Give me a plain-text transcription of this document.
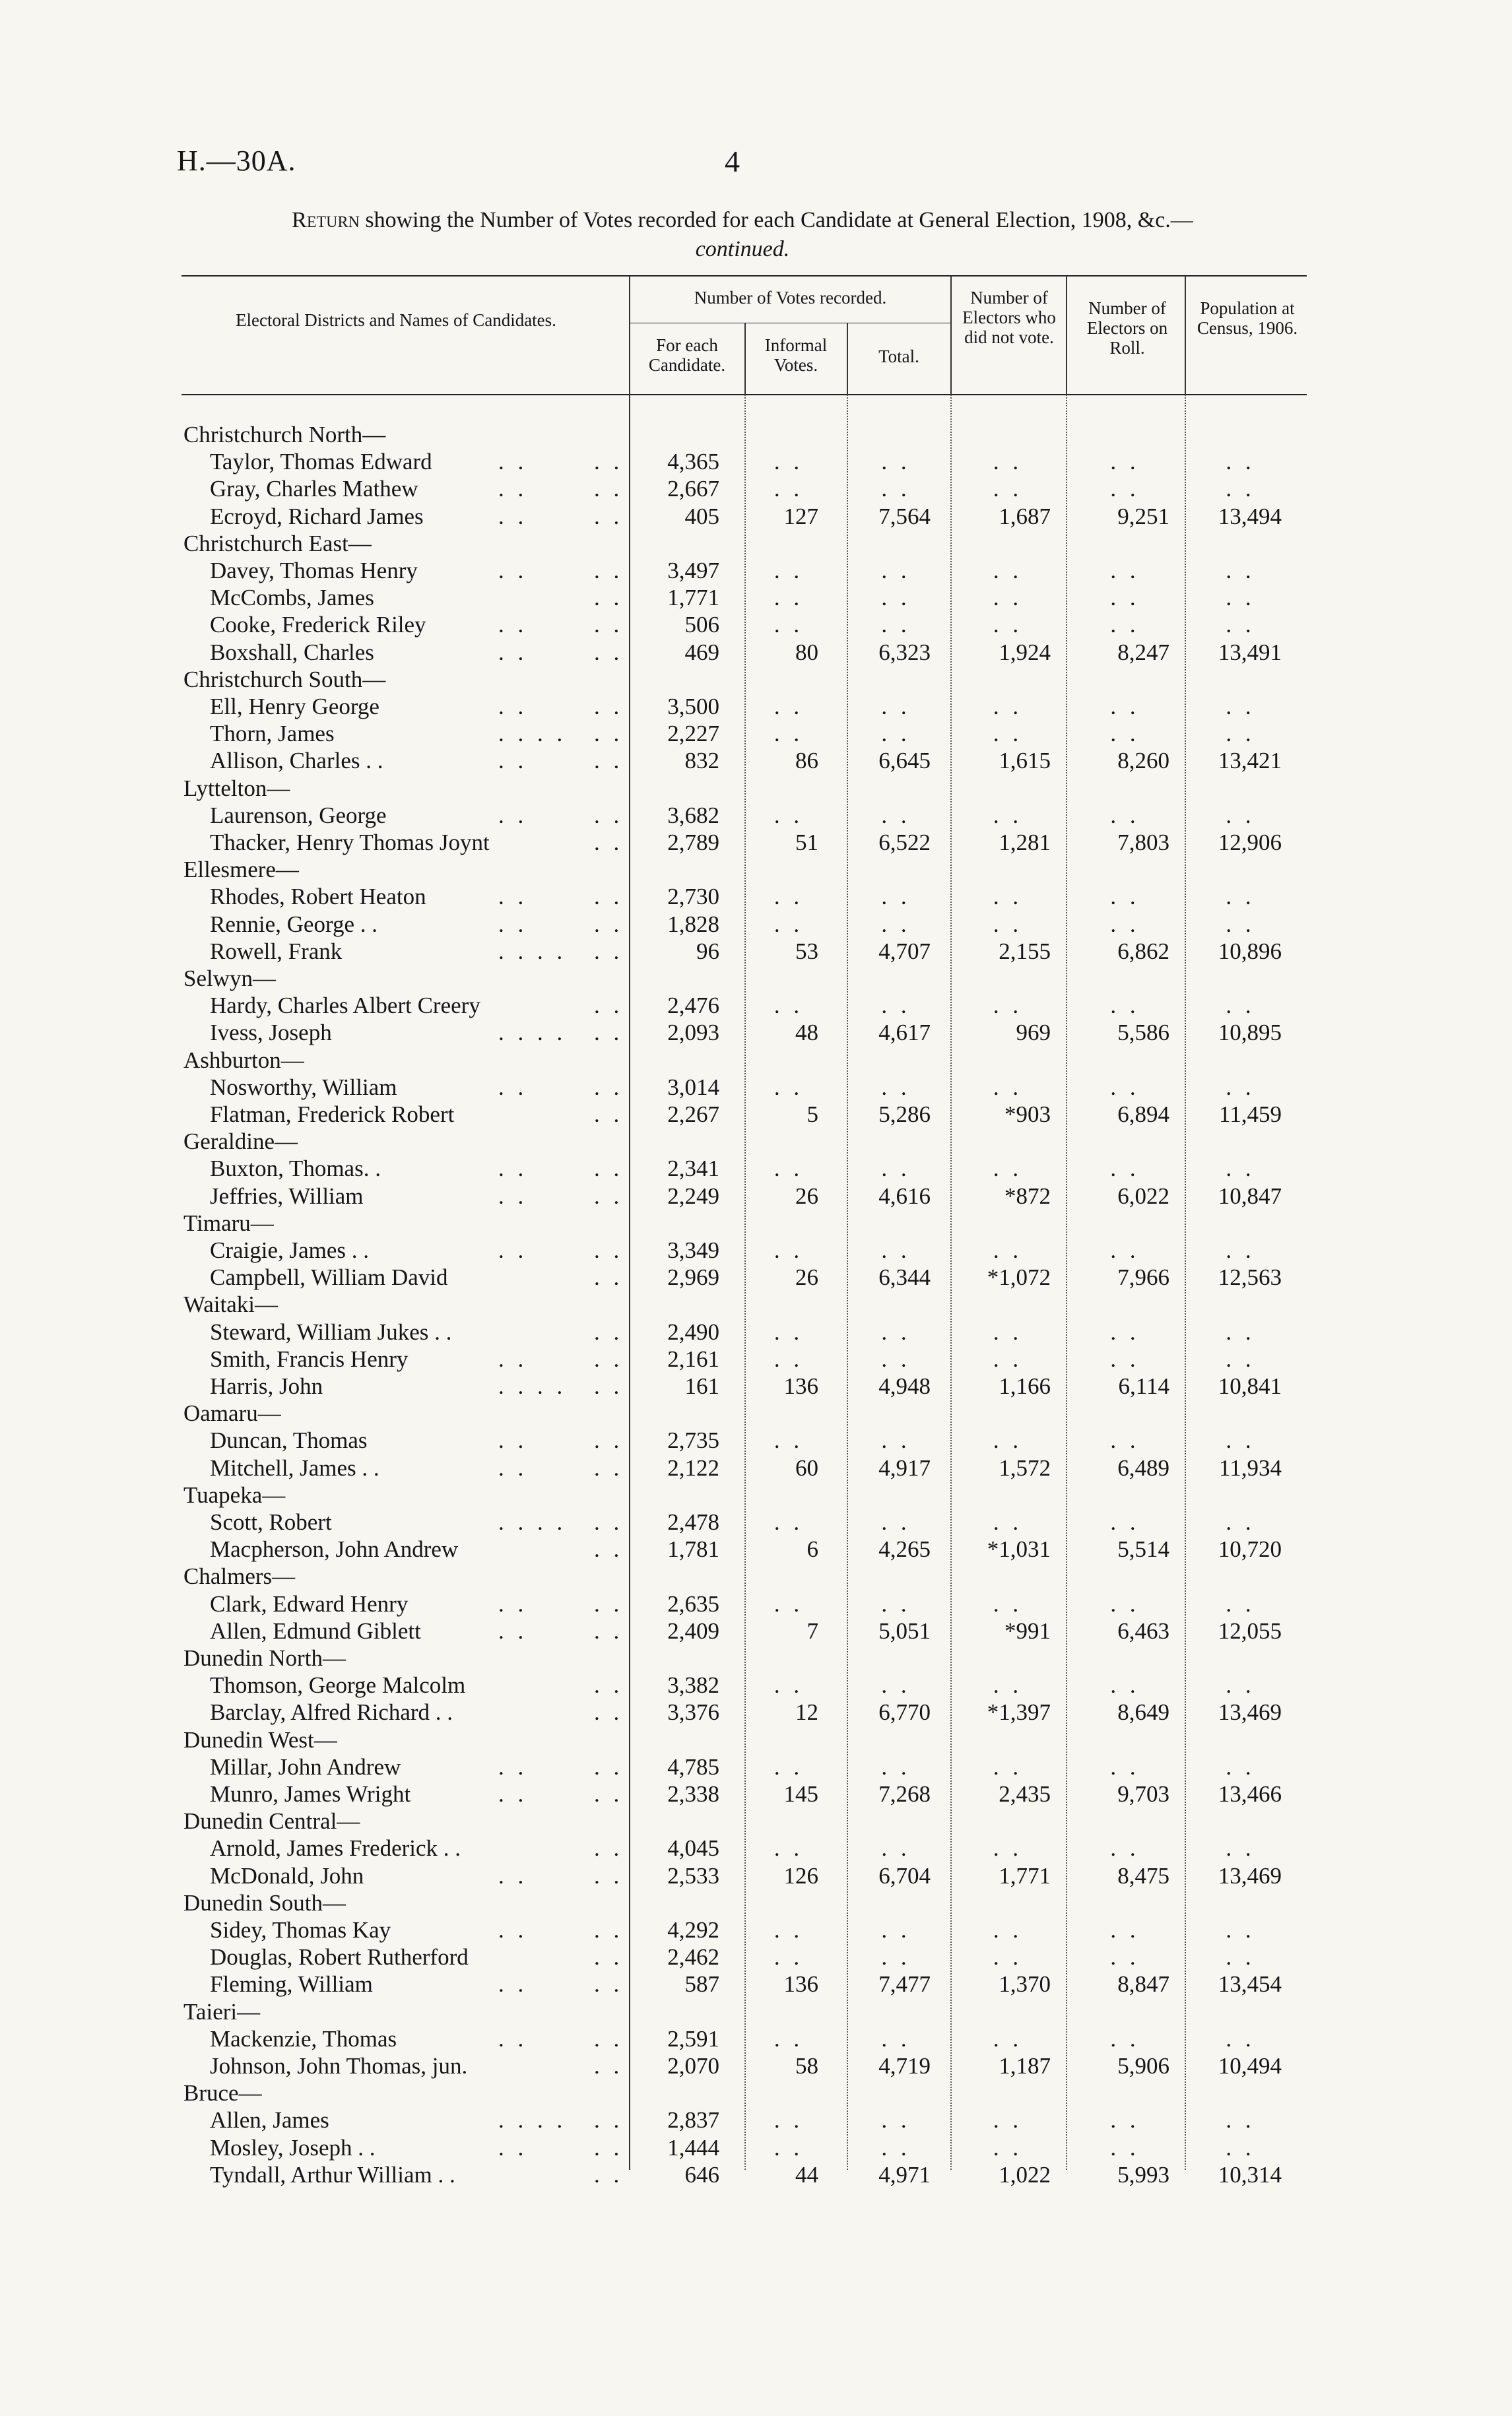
H.—30A.	4
Return showing the Number of Votes recorded for each Candidate at General Election, 1908, &c.—
continued.
Electoral Districts and Names of Candidates.
Number of Votes recorded.
For each Candidate.
Informal Votes.	Total.
Number of Electors who did not vote.
Number of Electors on Roll.
Population at Census, 1906.
Christchurch North—
Taylor, Thomas Edward	. .	. .	4,365	. .	. .	. .	. .	. .
Gray, Charles Mathew	. .	. .	2,667	. .	. .	. .	. .	. .
Ecroyd, Richard James	. .	. .	405	127	7,564	1,687	9,251	13,494
Christchurch East—
Davey, Thomas Henry	. .	. .	3,497	. .	. .	. .	. .	. .
McCombs, James	. .	1,771	. .	. .	. .	. .	. .
Cooke, Frederick Riley	. .	. .	506	. .	. .	. .	. .	. .
Boxshall, Charles	. .	. .	469	80	6,323	1,924	8,247	13,491
Christchurch South—
Ell, Henry George	. .	. .	3,500	. .	. .	. .	. .	. .
Thorn, James	. . . . . .	2,227	. .	. .	. .	. .	. .
Allison, Charles . .	. .	. .	832	86	6,645	1,615	8,260	13,421
Lyttelton—
Laurenson, George	. .	. .	3,682	. .	. .	. .	. .	. .
Thacker, Henry Thomas Joynt	. .	2,789	51	6,522	1,281	7,803	12,906
Ellesmere—
Rhodes, Robert Heaton	. .	. .	2,730	. .	. .	. .	. .	. .
Rennie, George . .	. .	. .	1,828	. .	. .	. .	. .	. .
Rowell, Frank	. . . . . .	96	53	4,707	2,155	6,862	10,896
Selwyn—
Hardy, Charles Albert Creery	. .	2,476	. .	. .	. .	. .	. .
Ivess, Joseph	. . . . . .	2,093	48	4,617	969	5,586	10,895
Ashburton—
Nosworthy, William	. .	. .	3,014	. .	. .	. .	. .	. .
Flatman, Frederick Robert	. .	2,267	5	5,286	*903	6,894	11,459
Geraldine—
Buxton, Thomas. .	. .	. .	2,341	. .	. .	. .	. .	. .
Jeffries, William	. .	. .	2,249	26	4,616	*872	6,022	10,847
Timaru—
Craigie, James . .	. .	. .	3,349	. .	. .	. .	. .	. .
Campbell, William David	. .	2,969	26	6,344	*1,072	7,966	12,563
Waitaki—
Steward, William Jukes . .	. .	2,490	. .	. .	. .	. .	. .
Smith, Francis Henry	. .	. .	2,161	. .	. .	. .	. .	. .
Harris, John	. . . . . .	161	136	4,948	1,166	6,114	10,841
Oamaru—
Duncan, Thomas	. .	. .	2,735	. .	. .	. .	. .	. .
Mitchell, James . .	. .	. .	2,122	60	4,917	1,572	6,489	11,934
Tuapeka—
Scott, Robert	. . . . . .	2,478	. .	. .	. .	. .	. .
Macpherson, John Andrew	. .	1,781	6	4,265	*1,031	5,514	10,720
Chalmers—
Clark, Edward Henry	. .	. .	2,635	. .	. .	. .	. .	. .
Allen, Edmund Giblett	. .	. .	2,409	7	5,051	*991	6,463	12,055
Dunedin North—
Thomson, George Malcolm	. .	3,382	. .	. .	. .	. .	. .
Barclay, Alfred Richard . .	. .	3,376	12	6,770	*1,397	8,649	13,469
Dunedin West—
Millar, John Andrew	. .	. .	4,785	. .	. .	. .	. .	. .
Munro, James Wright	. .	. .	2,338	145	7,268	2,435	9,703	13,466
Dunedin Central—
Arnold, James Frederick . .	. .	4,045	. .	. .	. .	. .	. .
McDonald, John	. .	. .	2,533	126	6,704	1,771	8,475	13,469
Dunedin South—
Sidey, Thomas Kay	. .	. .	4,292	. .	. .	. .	. .	. .
Douglas, Robert Rutherford	. .	2,462	. .	. .	. .	. .	. .
Fleming, William	. .	. .	587	136	7,477	1,370	8,847	13,454
Taieri—
Mackenzie, Thomas	. .	. .	2,591	. .	. .	. .	. .	. .
Johnson, John Thomas, jun.	. .	2,070	58	4,719	1,187	5,906	10,494
Bruce—
Allen, James	. . . . . .	2,837	. .	. .	. .	. .	. .
Mosley, Joseph . .	. .	. .	1,444	. .	. .	. .	. .	. .
Tyndall, Arthur William . .	. .	646	44	4,971	1,022	5,993	10,314
